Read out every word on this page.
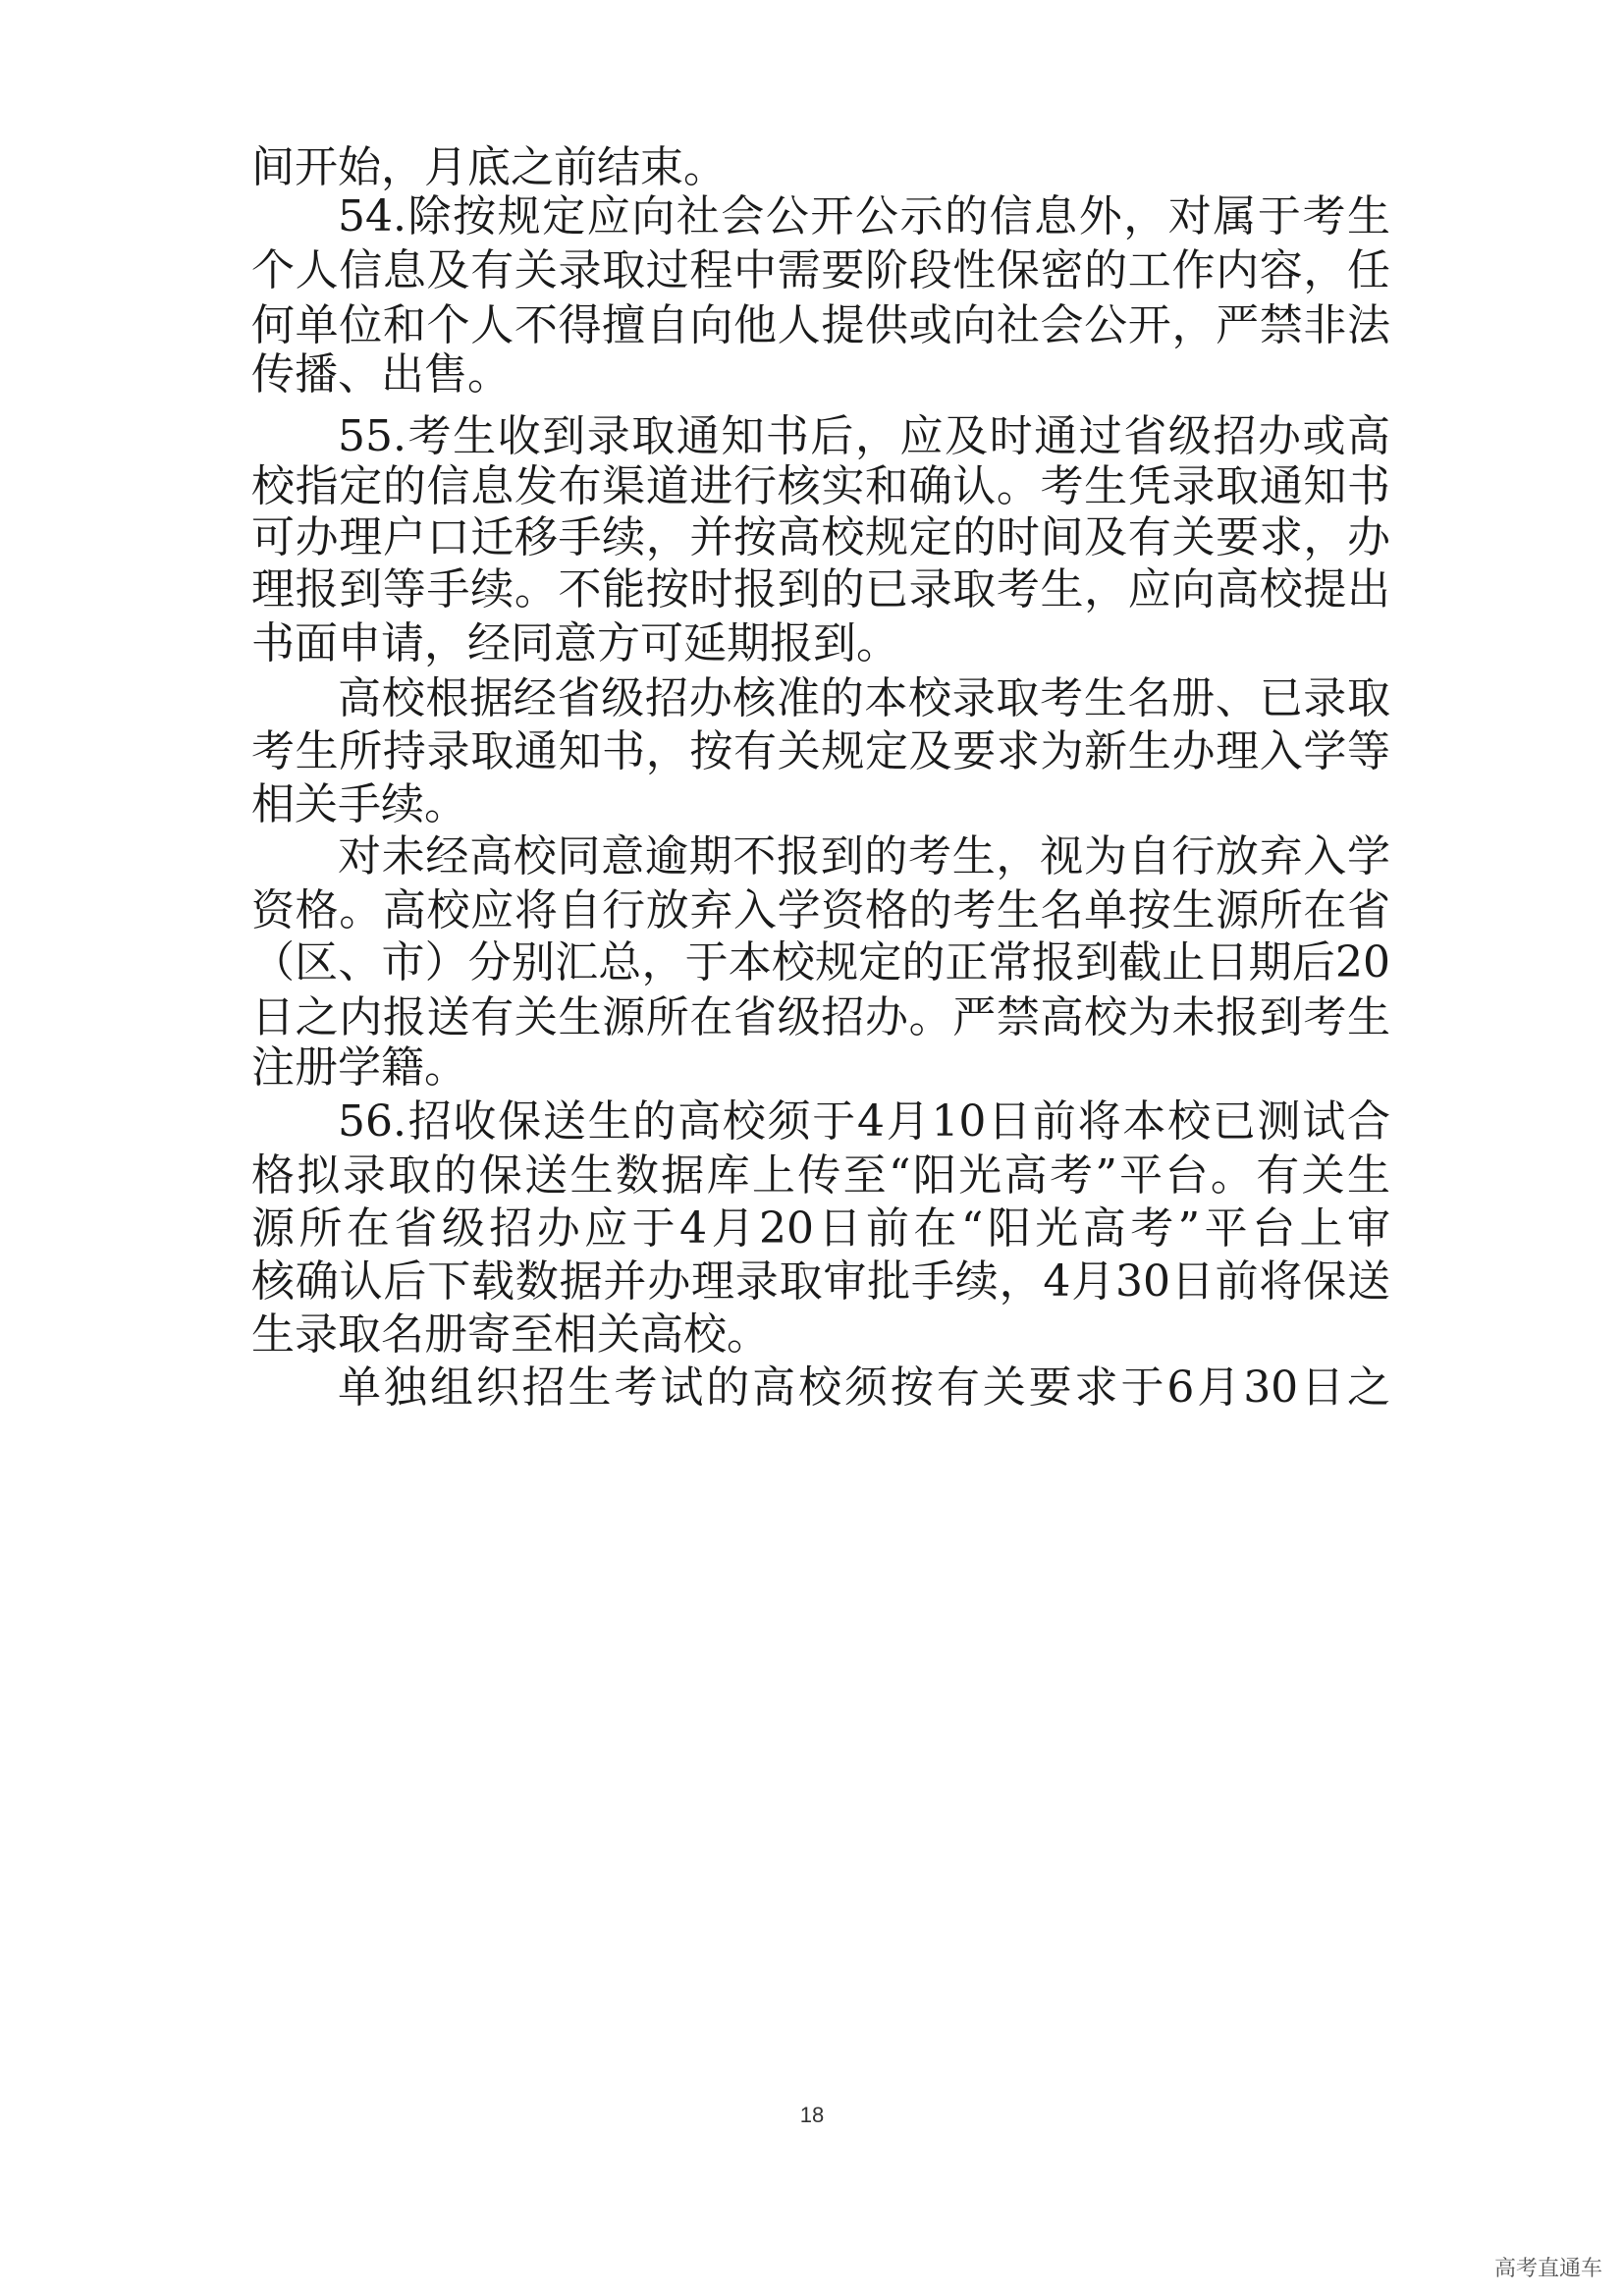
间开始，月底之前结束。
54.除按规定应向社会公开公示的信息外，对属于考生
个人信息及有关录取过程中需要阶段性保密的工作内容，任
何单位和个人不得擅自向他人提供或向社会公开，严禁非法
传播、出售。
55.考生收到录取通知书后，应及时通过省级招办或高
校指定的信息发布渠道进行核实和确认。考生凭录取通知书
可办理户口迁移手续，并按高校规定的时间及有关要求，办
理报到等手续。不能按时报到的已录取考生，应向高校提出
书面申请，经同意方可延期报到。
高校根据经省级招办核准的本校录取考生名册、已录取
考生所持录取通知书，按有关规定及要求为新生办理入学等
相关手续。
对未经高校同意逾期不报到的考生，视为自行放弃入学
资格。高校应将自行放弃入学资格的考生名单按生源所在省
（区、市）分别汇总，于本校规定的正常报到截止日期后20
日之内报送有关生源所在省级招办。严禁高校为未报到考生
注册学籍。
56.招收保送生的高校须于4月10日前将本校已测试合
格拟录取的保送生数据库上传至“阳光高考”平台。有关生
源所在省级招办应于4月20日前在“阳光高考”平台上审
核确认后下载数据并办理录取审批手续，4月30日前将保送
生录取名册寄至相关高校。
单独组织招生考试的高校须按有关要求于6月30日之
18
高考直通车
